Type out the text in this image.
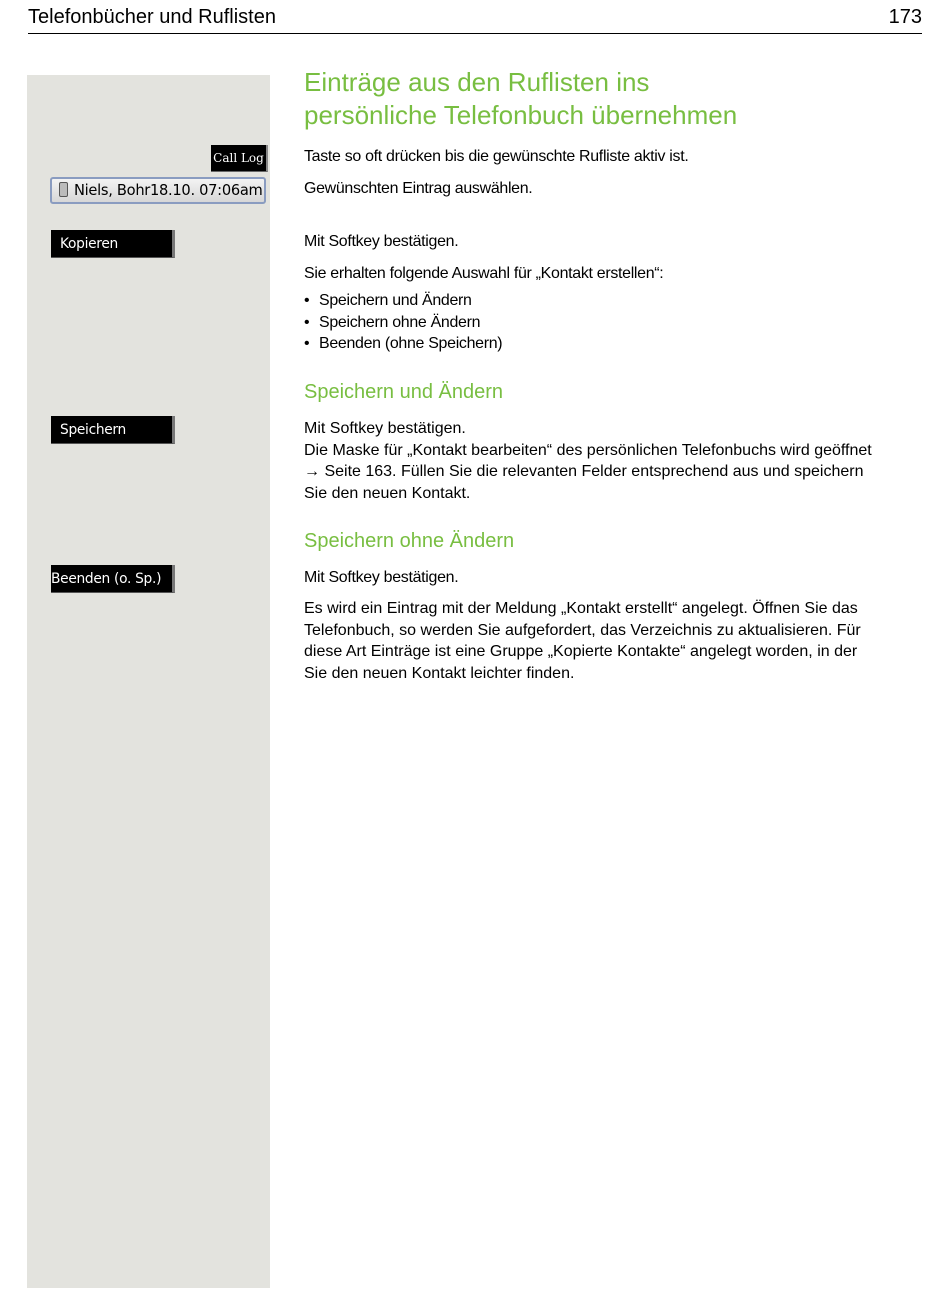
Telefonbücher und Ruflisten	173
Call Log
Niels, Bohr18.10. 07:06am
Kopieren
Speichern
Beenden (o. Sp.)
Einträge aus den Ruflisten ins
persönliche Telefonbuch übernehmen

Taste so oft drücken bis die gewünschte Rufliste aktiv ist.

Gewünschten Eintrag auswählen.

Mit Softkey bestätigen.

Sie erhalten folgende Auswahl für „Kontakt erstellen“:

• Speichern und Ändern
• Speichern ohne Ändern
• Beenden (ohne Speichern)
Speichern und Ändern
Mit Softkey bestätigen.
Die Maske für „Kontakt bearbeiten“ des persönlichen Telefonbuchs wird geöffnet
→ Seite 163. Füllen Sie die relevanten Felder entsprechend aus und speichern
Sie den neuen Kontakt.
Speichern ohne Ändern

Mit Softkey bestätigen.

Es wird ein Eintrag mit der Meldung „Kontakt erstellt“ angelegt. Öffnen Sie das
Telefonbuch, so werden Sie aufgefordert, das Verzeichnis zu aktualisieren. Für
diese Art Einträge ist eine Gruppe „Kopierte Kontakte“ angelegt worden, in der
Sie den neuen Kontakt leichter finden.
